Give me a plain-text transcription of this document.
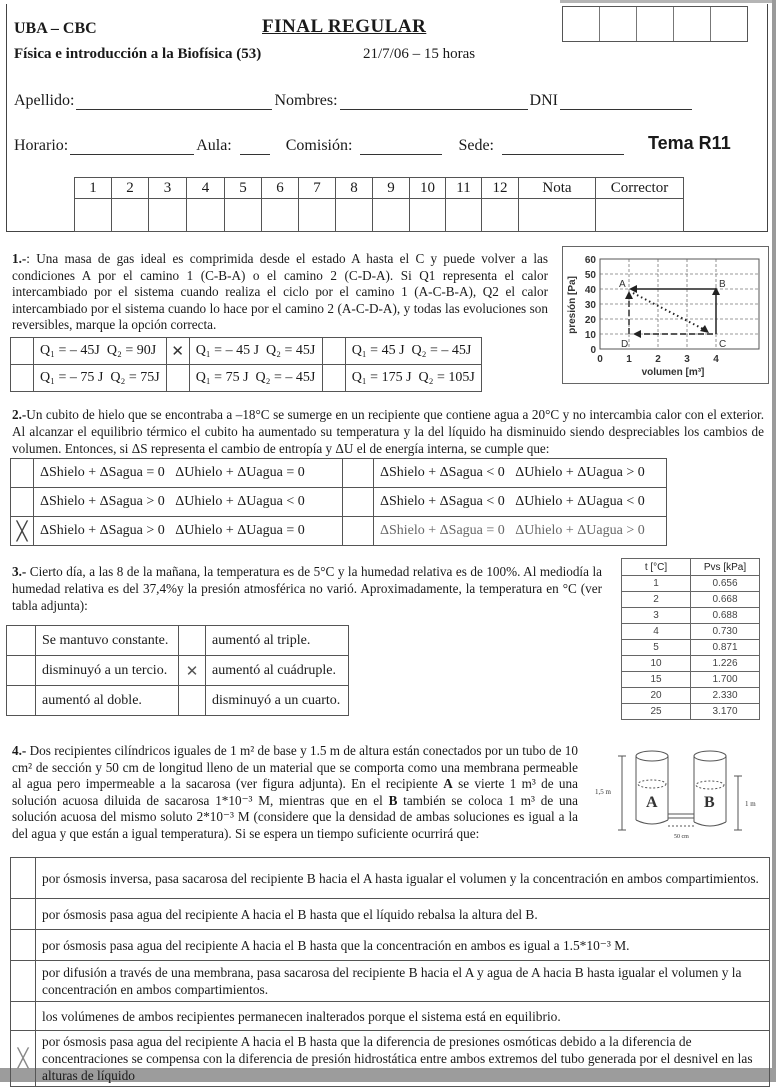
UBA – CBC	FINAL REGULAR
Física e introducción a la Biofísica (53)	21/7/06 – 15 horas
Apellido:	Nombres:	DNI
Horario:	Aula:	Comisión:	Sede:	Tema R11
1	2	3	4	5	6	7	8	9	10	11	12	Nota	Corrector

1.-: Una masa de gas ideal es comprimida desde el estado A hasta el C y puede volver a las condiciones A por el camino 1 (C-B-A) o el camino 2 (C-D-A). Si Q1 representa el calor intercambiado por el sistema cuando realiza el ciclo por el camino 1 (A-C-B-A), Q2 el calor intercambiado por el sistema cuando lo hace por el camino 2 (A-C-D-A), y todas las evoluciones son reversibles, marque la opción correcta.
	Q₁ = – 45J Q₂ = 90J	✕	Q₁ = – 45 J Q₂ = 45J		Q₁ = 45 J Q₂ = – 45J
	Q₁ = – 75 J Q₂ = 75J		Q₁ = 75 J Q₂ = – 45J		Q₁ = 175 J Q₂ = 105J
60
50
40
30
20
10
0
0 1 2 3 4
volumen [m³]
presión [Pa]	A	B
C
D
2.-Un cubito de hielo que se encontraba a –18°C se sumerge en un recipiente que contiene agua a 20°C y no intercambia calor con el exterior. Al alcanzar el equilibrio térmico el cubito ha aumentado su temperatura y la del líquido ha disminuido siendo despreciables los cambios de volumen. Entonces, si ΔS representa el cambio de entropía y ΔU el de energía interna, se cumple que:
	ΔShielo + ΔSagua = 0 ΔUhielo + ΔUagua = 0		ΔShielo + ΔSagua < 0 ΔUhielo + ΔUagua > 0
	ΔShielo + ΔSagua > 0 ΔUhielo + ΔUagua < 0		ΔShielo + ΔSagua < 0 ΔUhielo + ΔUagua < 0
╳	ΔShielo + ΔSagua > 0 ΔUhielo + ΔUagua = 0		ΔShielo + ΔSagua = 0 ΔUhielo + ΔUagua > 0
3.- Cierto día, a las 8 de la mañana, la temperatura es de 5°C y la humedad relativa es de 100%. Al mediodía la humedad relativa es del 37,4%y la presión atmosférica no varió. Aproximadamente, la temperatura en °C (ver tabla adjunta):
	Se mantuvo constante.		aumentó al triple.
	disminuyó a un tercio.	✕	aumentó al cuádruple.
	aumentó al doble.		disminuyó a un cuarto.
t [°C]	Pvs [kPa]
1	0.656
2	0.668
3	0.688
4	0.730
5	0.871
10	1.226
15	1.700
20	2.330
25	3.170
4.- Dos recipientes cilíndricos iguales de 1 m² de base y 1.5 m de altura están conectados por un tubo de 10 cm² de sección y 50 cm de longitud lleno de un material que se comporta como una membrana permeable al agua pero impermeable a la sacarosa (ver figura adjunta). En el recipiente A se vierte 1 m³ de una solución acuosa diluida de sacarosa 1*10⁻³ M, mientras que en el B también se coloca 1 m³ de una solución acuosa del mismo soluto 2*10⁻³ M (considere que la densidad de ambas soluciones es igual a la del agua y que están a igual temperatura). Si se espera un tiempo suficiente ocurrirá que:
A	B
1,5 m
1 m
50 cm
	por ósmosis inversa, pasa sacarosa del recipiente B hacia el A hasta igualar el volumen y la concentración en ambos compartimientos.
	por ósmosis pasa agua del recipiente A hacia el B hasta que el líquido rebalsa la altura del B.
	por ósmosis pasa agua del recipiente A hacia el B hasta que la concentración en ambos es igual a 1.5*10⁻³ M.
	por difusión a través de una membrana, pasa sacarosa del recipiente B hacia el A y agua de A hacia B hasta igualar el volumen y la concentración en ambos compartimientos.
	los volúmenes de ambos recipientes permanecen inalterados porque el sistema está en equilibrio.
╳	por ósmosis pasa agua del recipiente A hacia el B hasta que la diferencia de presiones osmóticas debido a la diferencia de concentraciones se compensa con la diferencia de presión hidrostática entre ambos extremos del tubo generada por el desnivel en las alturas de líquido
